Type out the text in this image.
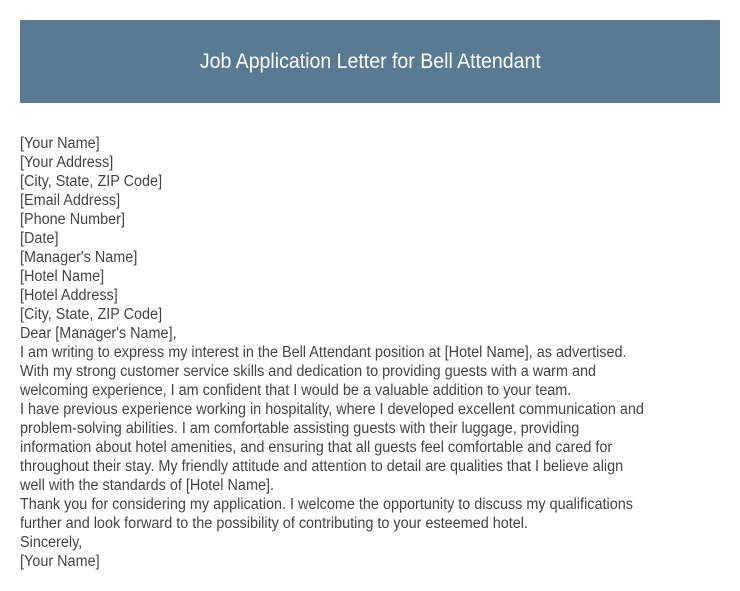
Job Application Letter for Bell Attendant
[Your Name]
[Your Address]
[City, State, ZIP Code]
[Email Address]
[Phone Number]
[Date]
[Manager's Name]
[Hotel Name]
[Hotel Address]
[City, State, ZIP Code]
Dear [Manager's Name],
I am writing to express my interest in the Bell Attendant position at [Hotel Name], as advertised.
With my strong customer service skills and dedication to providing guests with a warm and
welcoming experience, I am confident that I would be a valuable addition to your team.
I have previous experience working in hospitality, where I developed excellent communication and
problem-solving abilities. I am comfortable assisting guests with their luggage, providing
information about hotel amenities, and ensuring that all guests feel comfortable and cared for
throughout their stay. My friendly attitude and attention to detail are qualities that I believe align
well with the standards of [Hotel Name].
Thank you for considering my application. I welcome the opportunity to discuss my qualifications
further and look forward to the possibility of contributing to your esteemed hotel.
Sincerely,
[Your Name]
